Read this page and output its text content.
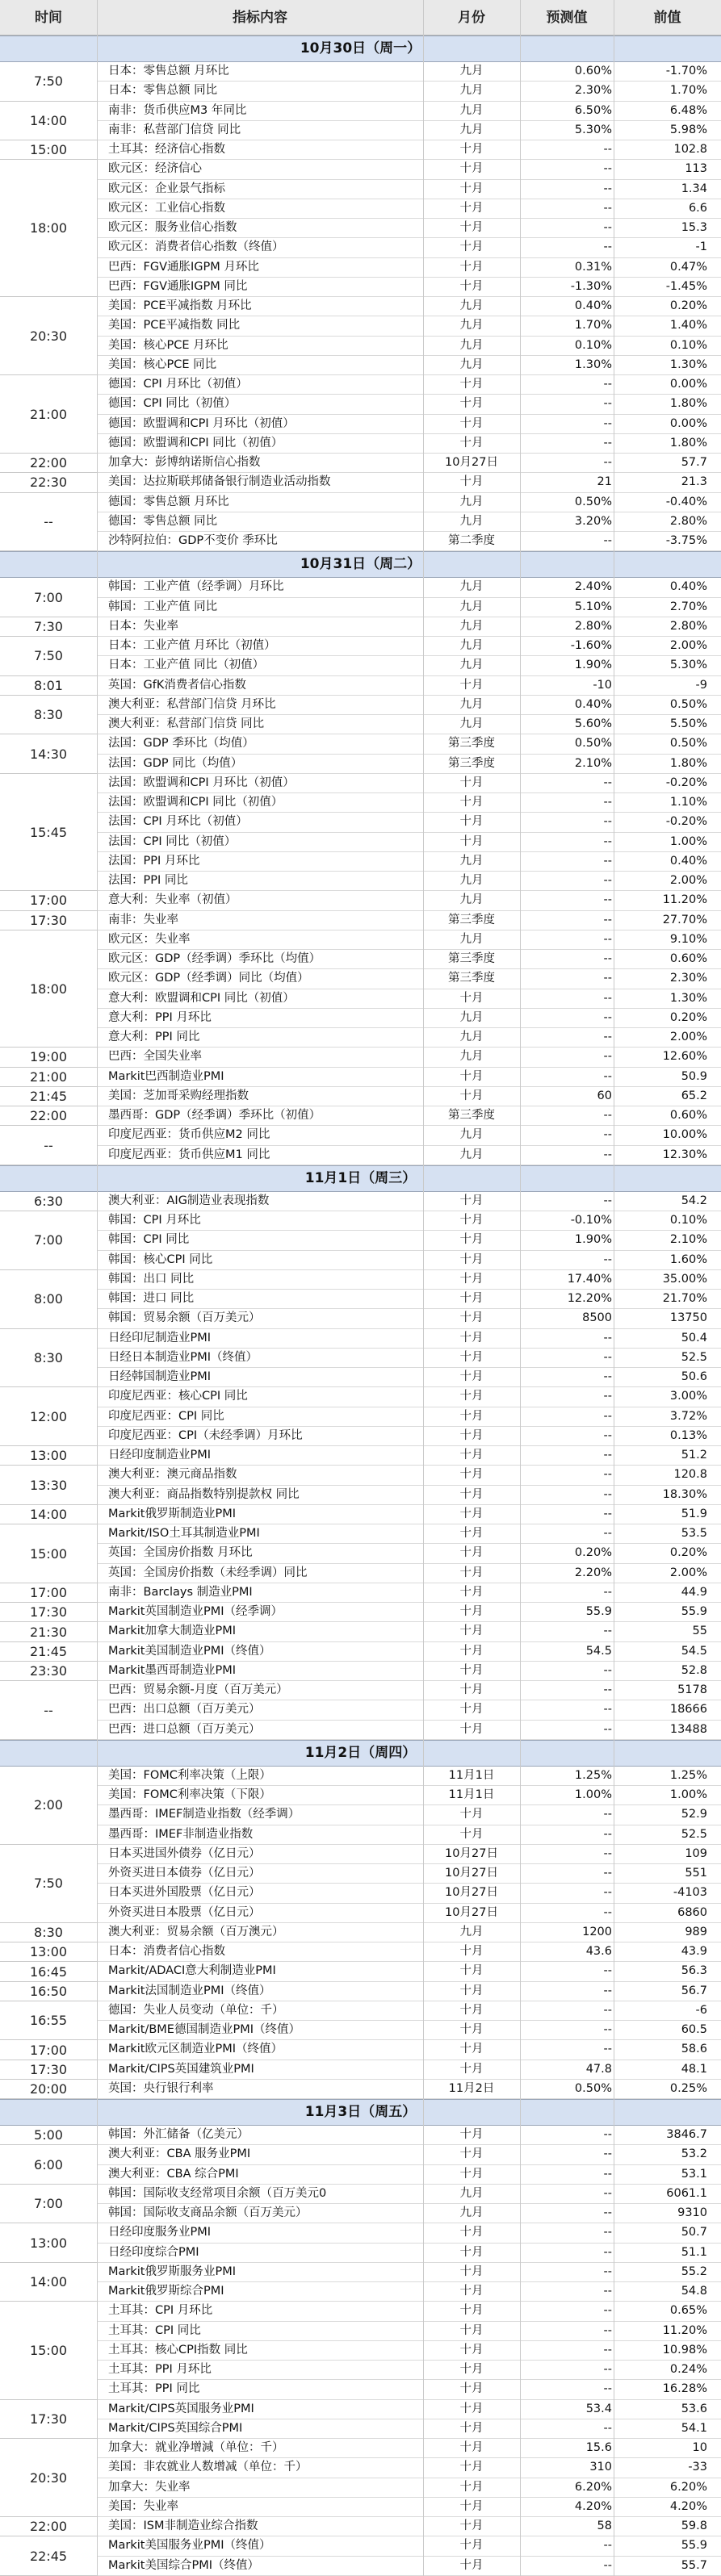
时间	指标内容	月份	预测值	前值
10月30日（周一）
7:50
日本：零售总额 月环比	九月	0.60%	-1.70%
日本：零售总额 同比	九月	2.30%	1.70%
14:00
南非：货币供应M3 年同比	九月	6.50%	6.48%
南非：私营部门信贷 同比	九月	5.30%	5.98%
15:00	土耳其：经济信心指数	十月	--	102.8
18:00
欧元区：经济信心	十月	--	113
欧元区：企业景气指标	十月	--	1.34
欧元区：工业信心指数	十月	--	6.6
欧元区：服务业信心指数	十月	--	15.3
欧元区：消费者信心指数（终值）	十月	--	-1
巴西：FGV通胀IGPM 月环比	十月	0.31%	0.47%
巴西：FGV通胀IGPM 同比	十月	-1.30%	-1.45%
20:30
美国：PCE平减指数 月环比	九月	0.40%	0.20%
美国：PCE平减指数 同比	九月	1.70%	1.40%
美国：核心PCE 月环比	九月	0.10%	0.10%
美国：核心PCE 同比	九月	1.30%	1.30%
21:00
德国：CPI 月环比（初值）	十月	--	0.00%
德国：CPI 同比（初值）	十月	--	1.80%
德国：欧盟调和CPI 月环比（初值）	十月	--	0.00%
德国：欧盟调和CPI 同比（初值）	十月	--	1.80%
22:00	加拿大：彭博纳诺斯信心指数	10月27日	--	57.7
22:30	美国：达拉斯联邦储备银行制造业活动指数	十月	21	21.3
--
德国：零售总额 月环比	九月	0.50%	-0.40%
德国：零售总额 同比	九月	3.20%	2.80%
沙特阿拉伯：GDP不变价 季环比	第二季度	--	-3.75%
10月31日（周二）
7:00
韩国：工业产值（经季调）月环比	九月	2.40%	0.40%
韩国：工业产值 同比	九月	5.10%	2.70%
7:30	日本：失业率	九月	2.80%	2.80%
7:50
日本：工业产值 月环比（初值）	九月	-1.60%	2.00%
日本：工业产值 同比（初值）	九月	1.90%	5.30%
8:01	英国：GfK消费者信心指数	十月	-10	-9
8:30
澳大利亚：私营部门信贷 月环比	九月	0.40%	0.50%
澳大利亚：私营部门信贷 同比	九月	5.60%	5.50%
14:30
法国：GDP 季环比（均值）	第三季度	0.50%	0.50%
法国：GDP 同比（均值）	第三季度	2.10%	1.80%
15:45
法国：欧盟调和CPI 月环比（初值）	十月	--	-0.20%
法国：欧盟调和CPI 同比（初值）	十月	--	1.10%
法国：CPI 月环比（初值）	十月	--	-0.20%
法国：CPI 同比（初值）	十月	--	1.00%
法国：PPI 月环比	九月	--	0.40%
法国：PPI 同比	九月	--	2.00%
17:00	意大利：失业率（初值）	九月	--	11.20%
17:30	南非：失业率	第三季度	--	27.70%
18:00
欧元区：失业率	九月	--	9.10%
欧元区：GDP（经季调）季环比（均值）	第三季度	--	0.60%
欧元区：GDP（经季调）同比（均值）	第三季度	--	2.30%
意大利：欧盟调和CPI 同比（初值）	十月	--	1.30%
意大利：PPI 月环比	九月	--	0.20%
意大利：PPI 同比	九月	--	2.00%
19:00	巴西：全国失业率	九月	--	12.60%
21:00	Markit巴西制造业PMI	十月	--	50.9
21:45	美国：芝加哥采购经理指数	十月	60	65.2
22:00	墨西哥：GDP（经季调）季环比（初值）	第三季度	--	0.60%
--
印度尼西亚：货币供应M2 同比	九月	--	10.00%
印度尼西亚：货币供应M1 同比	九月	--	12.30%
11月1日（周三）
6:30	澳大利亚：AIG制造业表现指数	十月	--	54.2
7:00
韩国：CPI 月环比	十月	-0.10%	0.10%
韩国：CPI 同比	十月	1.90%	2.10%
韩国：核心CPI 同比	十月	--	1.60%
8:00
韩国：出口 同比	十月	17.40%	35.00%
韩国：进口 同比	十月	12.20%	21.70%
韩国：贸易余额（百万美元）	十月	8500	13750
8:30
日经印尼制造业PMI	十月	--	50.4
日经日本制造业PMI（终值）	十月	--	52.5
日经韩国制造业PMI	十月	--	50.6
12:00
印度尼西亚：核心CPI 同比	十月	--	3.00%
印度尼西亚：CPI 同比	十月	--	3.72%
印度尼西亚：CPI（未经季调）月环比	十月	--	0.13%
13:00	日经印度制造业PMI	十月	--	51.2
13:30
澳大利亚：澳元商品指数	十月	--	120.8
澳大利亚：商品指数特别提款权 同比	十月	--	18.30%
14:00	Markit俄罗斯制造业PMI	十月	--	51.9
15:00
Markit/ISO土耳其制造业PMI	十月	--	53.5
英国：全国房价指数 月环比	十月	0.20%	0.20%
英国：全国房价指数（未经季调）同比	十月	2.20%	2.00%
17:00	南非：Barclays 制造业PMI	十月	--	44.9
17:30	Markit英国制造业PMI（经季调）	十月	55.9	55.9
21:30	Markit加拿大制造业PMI	十月	--	55
21:45	Markit美国制造业PMI（终值）	十月	54.5	54.5
23:30	Markit墨西哥制造业PMI	十月	--	52.8
--
巴西：贸易余额-月度（百万美元）	十月	--	5178
巴西：出口总额（百万美元）	十月	--	18666
巴西：进口总额（百万美元）	十月	--	13488
11月2日（周四）
2:00
美国：FOMC利率决策（上限）	11月1日	1.25%	1.25%
美国：FOMC利率决策（下限）	11月1日	1.00%	1.00%
墨西哥：IMEF制造业指数（经季调）	十月	--	52.9
墨西哥：IMEF非制造业指数	十月	--	52.5
7:50
日本买进国外债券（亿日元）	10月27日	--	109
外资买进日本债券（亿日元）	10月27日	--	551
日本买进外国股票（亿日元）	10月27日	--	-4103
外资买进日本股票（亿日元）	10月27日	--	6860
8:30	澳大利亚：贸易余额（百万澳元）	九月	1200	989
13:00	日本：消费者信心指数	十月	43.6	43.9
16:45	Markit/ADACI意大利制造业PMI	十月	--	56.3
16:50	Markit法国制造业PMI（终值）	十月	--	56.7
16:55
德国：失业人员变动（单位：千）	十月	--	-6
Markit/BME德国制造业PMI（终值）	十月	--	60.5
17:00	Markit欧元区制造业PMI（终值）	十月	--	58.6
17:30	Markit/CIPS英国建筑业PMI	十月	47.8	48.1
20:00	英国：央行银行利率	11月2日	0.50%	0.25%
11月3日（周五）
5:00	韩国：外汇储备（亿美元）	十月	--	3846.7
6:00
澳大利亚：CBA 服务业PMI	十月	--	53.2
澳大利亚：CBA 综合PMI	十月	--	53.1
7:00
韩国：国际收支经常项目余额（百万美元0	九月	--	6061.1
韩国：国际收支商品余额（百万美元）	九月	--	9310
13:00
日经印度服务业PMI	十月	--	50.7
日经印度综合PMI	十月	--	51.1
14:00
Markit俄罗斯服务业PMI	十月	--	55.2
Markit俄罗斯综合PMI	十月	--	54.8
15:00
土耳其：CPI 月环比	十月	--	0.65%
土耳其：CPI 同比	十月	--	11.20%
土耳其：核心CPI指数 同比	十月	--	10.98%
土耳其：PPI 月环比	十月	--	0.24%
土耳其：PPI 同比	十月	--	16.28%
17:30
Markit/CIPS英国服务业PMI	十月	53.4	53.6
Markit/CIPS英国综合PMI	十月	--	54.1
20:30
加拿大：就业净增減（单位：千）	十月	15.6	10
美国：非农就业人数增减（单位：千）	十月	310	-33
加拿大：失业率	十月	6.20%	6.20%
美国：失业率	十月	4.20%	4.20%
22:00	美国：ISM非制造业综合指数	十月	58	59.8
22:45
Markit美国服务业PMI（终值）	十月	--	55.9
Markit美国综合PMI（终值）	十月	--	55.7
